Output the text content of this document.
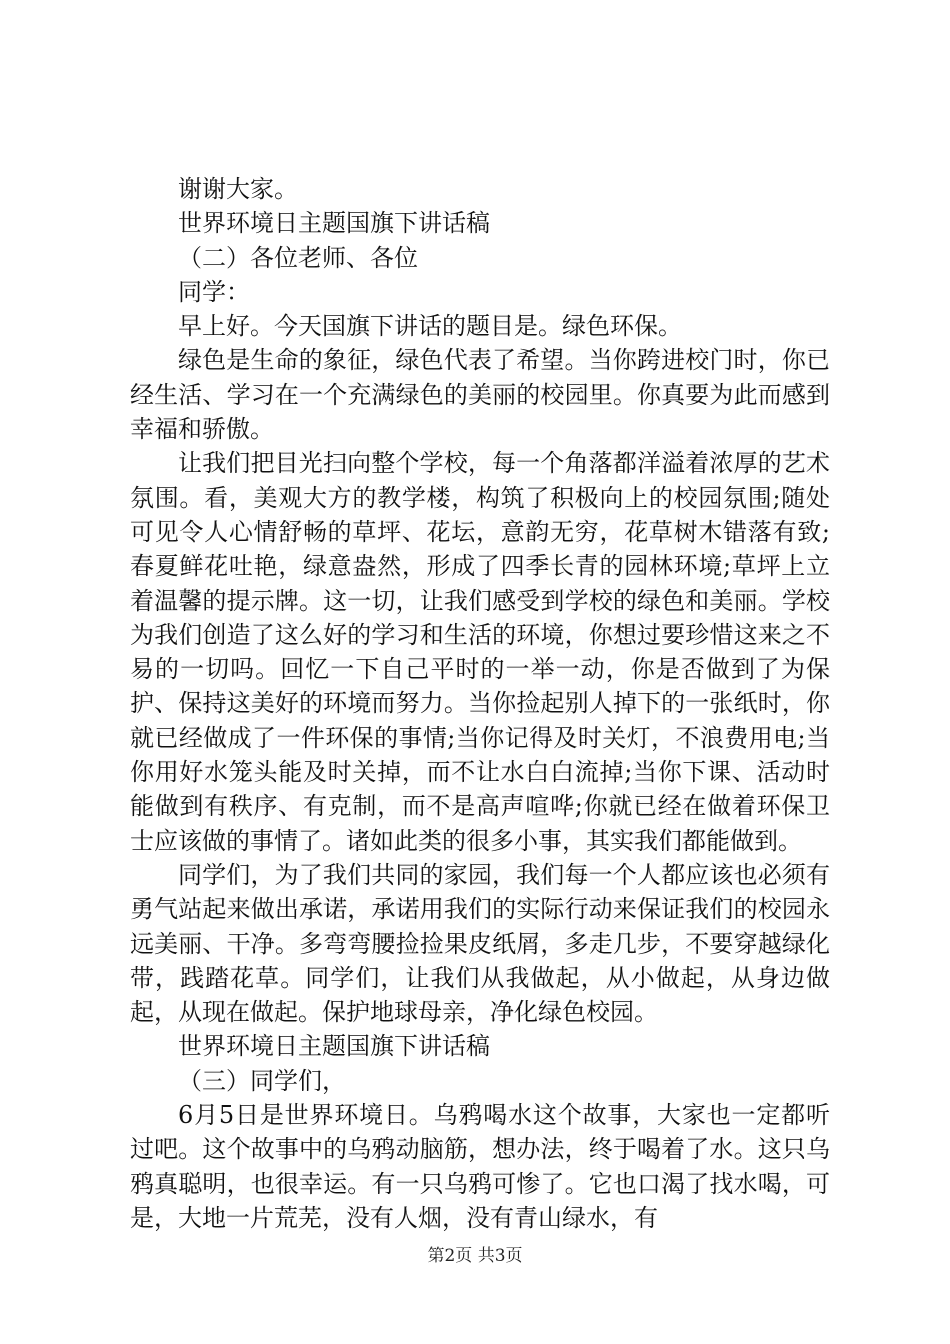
谢谢大家。

世界环境日主题国旗下讲话稿

（二）各位老师、各位

同学：

早上好。今天国旗下讲话的题目是。绿色环保。

绿色是生命的象征，绿色代表了希望。当你跨进校门时，你已经生活、学习在一个充满绿色的美丽的校园里。你真要为此而感到幸福和骄傲。

让我们把目光扫向整个学校，每一个角落都洋溢着浓厚的艺术氛围。看，美观大方的教学楼，构筑了积极向上的校园氛围;随处可见令人心情舒畅的草坪、花坛，意韵无穷，花草树木错落有致;春夏鲜花吐艳，绿意盎然，形成了四季长青的园林环境;草坪上立着温馨的提示牌。这一切，让我们感受到学校的绿色和美丽。学校为我们创造了这么好的学习和生活的环境，你想过要珍惜这来之不易的一切吗。回忆一下自己平时的一举一动，你是否做到了为保护、保持这美好的环境而努力。当你捡起别人掉下的一张纸时，你就已经做成了一件环保的事情;当你记得及时关灯，不浪费用电;当你用好水笼头能及时关掉，而不让水白白流掉;当你下课、活动时能做到有秩序、有克制，而不是高声喧哗;你就已经在做着环保卫士应该做的事情了。诸如此类的很多小事，其实我们都能做到。

同学们，为了我们共同的家园，我们每一个人都应该也必须有勇气站起来做出承诺，承诺用我们的实际行动来保证我们的校园永远美丽、干净。多弯弯腰捡捡果皮纸屑，多走几步，不要穿越绿化带，践踏花草。同学们，让我们从我做起，从小做起，从身边做起，从现在做起。保护地球母亲，净化绿色校园。

世界环境日主题国旗下讲话稿

（三）同学们，

6月5日是世界环境日。乌鸦喝水这个故事，大家也一定都听过吧。这个故事中的乌鸦动脑筋，想办法，终于喝着了水。这只乌鸦真聪明，也很幸运。有一只乌鸦可惨了。它也口渴了找水喝，可是，大地一片荒芜，没有人烟，没有青山绿水，有

第2页 共3页
